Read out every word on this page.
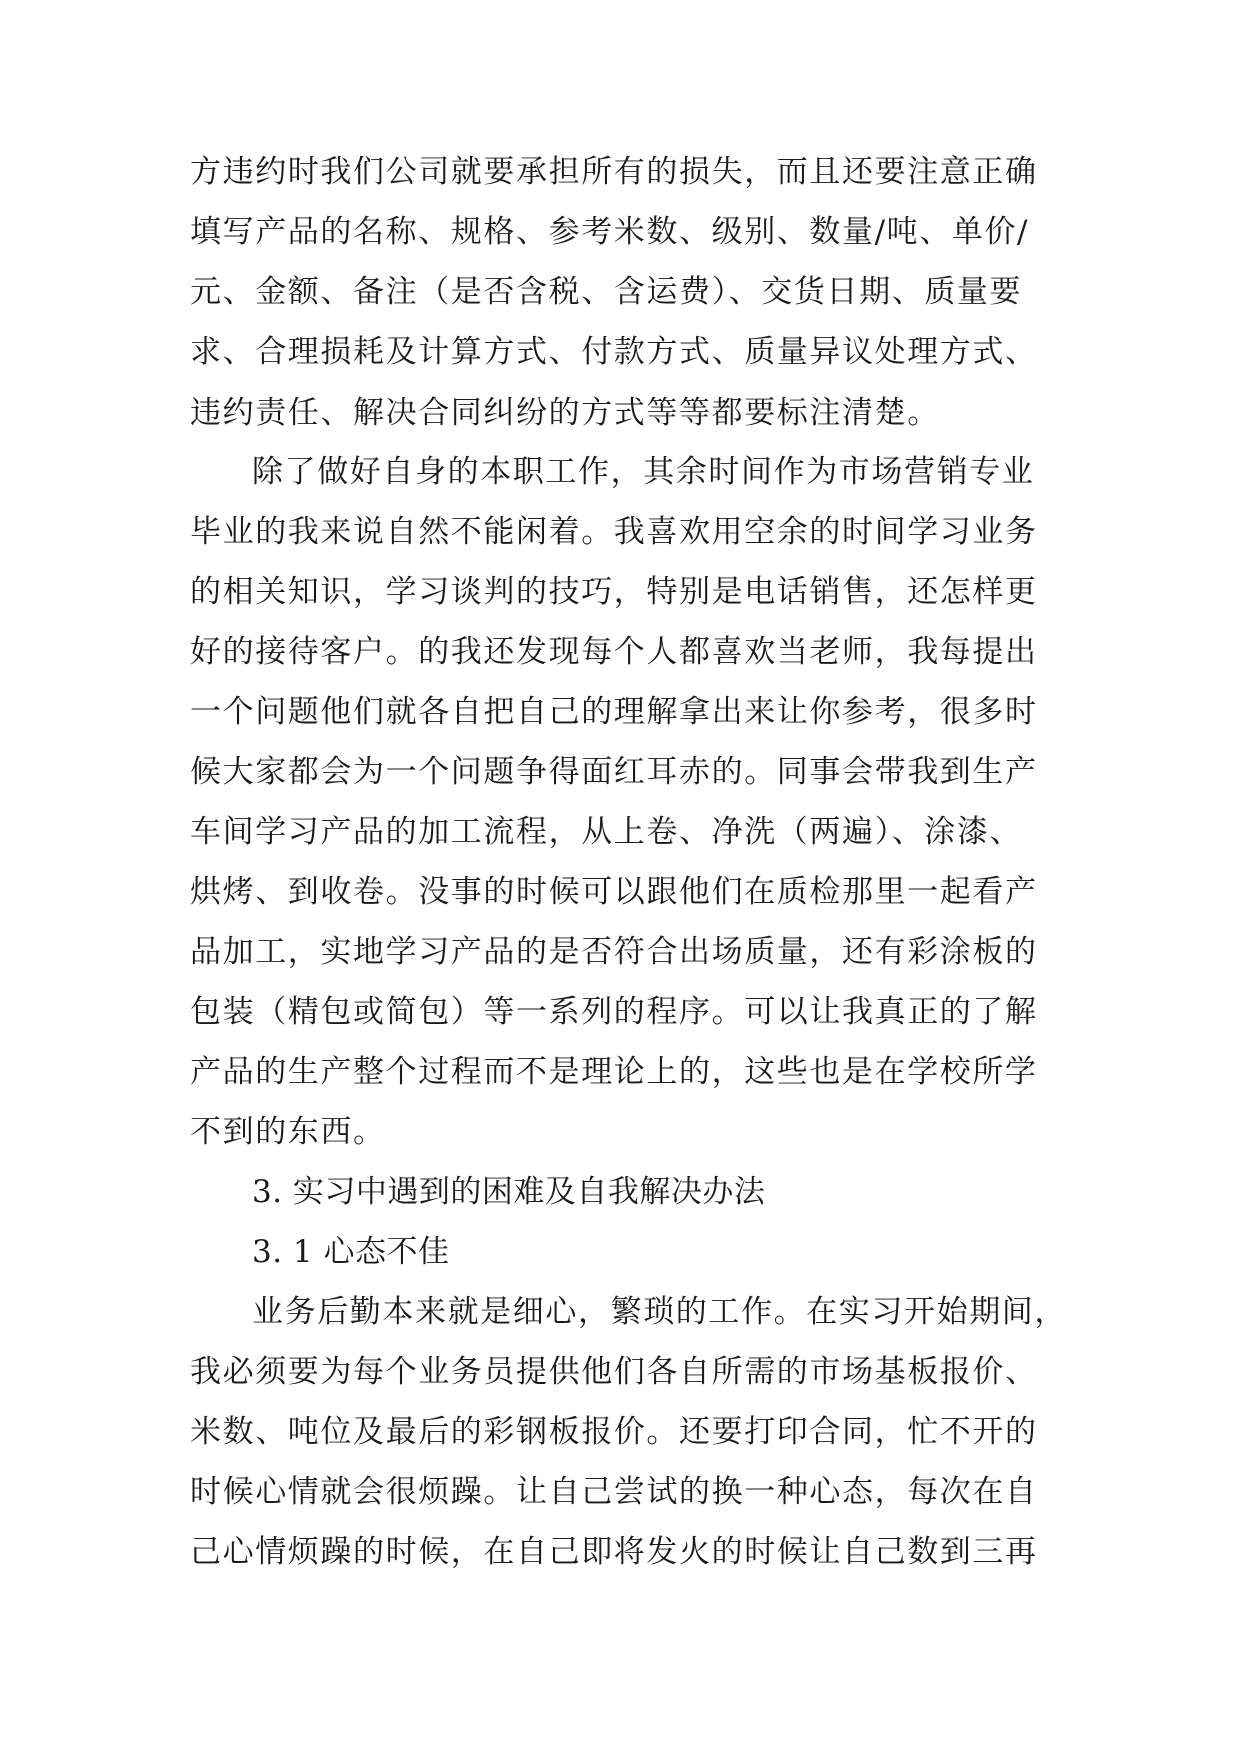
方违约时我们公司就要承担所有的损失，而且还要注意正确
填写产品的名称、规格、参考米数、级别、数量/吨、单价/
元、金额、备注（是否含税、含运费）、交货日期、质量要
求、合理损耗及计算方式、付款方式、质量异议处理方式、
违约责任、解决合同纠纷的方式等等都要标注清楚。
除了做好自身的本职工作，其余时间作为市场营销专业
毕业的我来说自然不能闲着。我喜欢用空余的时间学习业务
的相关知识，学习谈判的技巧，特别是电话销售，还怎样更
好的接待客户。的我还发现每个人都喜欢当老师，我每提出
一个问题他们就各自把自己的理解拿出来让你参考，很多时
候大家都会为一个问题争得面红耳赤的。同事会带我到生产
车间学习产品的加工流程，从上卷、净洗（两遍）、涂漆、
烘烤、到收卷。没事的时候可以跟他们在质检那里一起看产
品加工，实地学习产品的是否符合出场质量，还有彩涂板的
包装（精包或简包）等一系列的程序。可以让我真正的了解
产品的生产整个过程而不是理论上的，这些也是在学校所学
不到的东西。
3. 实习中遇到的困难及自我解决办法
3. 1 心态不佳
业务后勤本来就是细心，繁琐的工作。在实习开始期间，
我必须要为每个业务员提供他们各自所需的市场基板报价、
米数、吨位及最后的彩钢板报价。还要打印合同，忙不开的
时候心情就会很烦躁。让自己尝试的换一种心态，每次在自
己心情烦躁的时候，在自己即将发火的时候让自己数到三再
